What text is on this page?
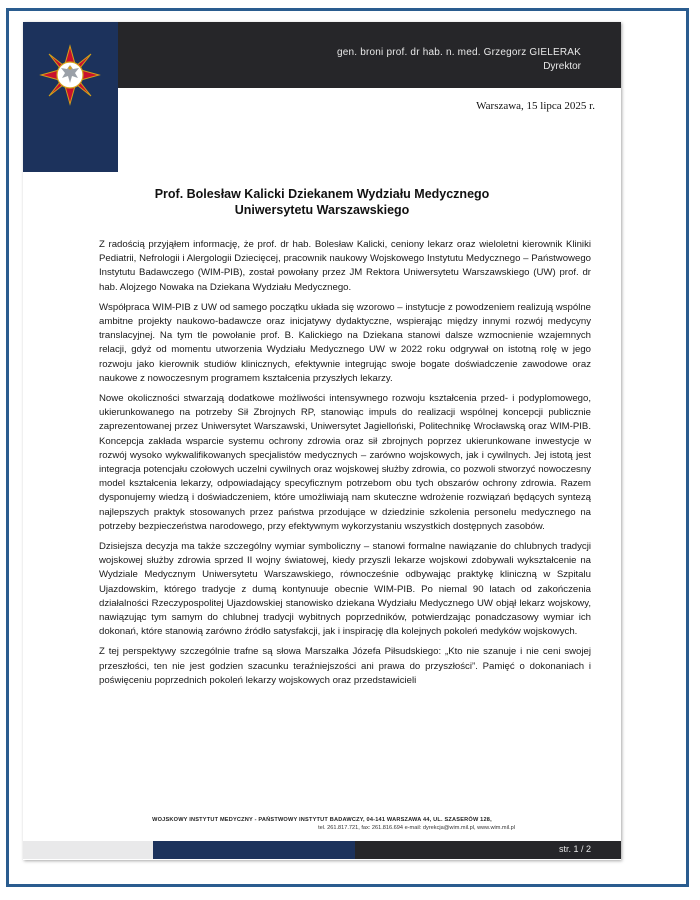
gen. broni prof. dr hab. n. med. Grzegorz GIELERAK
Dyrektor
Warszawa, 15 lipca 2025 r.
Prof. Bolesław Kalicki Dziekanem Wydziału Medycznego
Uniwersytetu Warszawskiego

Z radością przyjąłem informację, że prof. dr hab. Bolesław Kalicki, ceniony lekarz oraz wieloletni kierownik Kliniki Pediatrii, Nefrologii i Alergologii Dziecięcej, pracownik naukowy Wojskowego Instytutu Medycznego – Państwowego Instytutu Badawczego (WIM-PIB), został powołany przez JM Rektora Uniwersytetu Warszawskiego (UW) prof. dr hab. Alojzego Nowaka na Dziekana Wydziału Medycznego.

Współpraca WIM-PIB z UW od samego początku układa się wzorowo – instytucje z powodzeniem realizują wspólne ambitne projekty naukowo-badawcze oraz inicjatywy dydaktyczne, wspierając między innymi rozwój medycyny translacyjnej. Na tym tle powołanie prof. B. Kalickiego na Dziekana stanowi dalsze wzmocnienie wzajemnych relacji, gdyż od momentu utworzenia Wydziału Medycznego UW w 2022 roku odgrywał on istotną rolę w jego rozwoju jako kierownik studiów klinicznych, efektywnie integrując swoje bogate doświadczenie zawodowe oraz naukowe z nowoczesnym programem kształcenia przyszłych lekarzy.

Nowe okoliczności stwarzają dodatkowe możliwości intensywnego rozwoju kształcenia przed- i podyplomowego, ukierunkowanego na potrzeby Sił Zbrojnych RP, stanowiąc impuls do realizacji wspólnej koncepcji publicznie zaprezentowanej przez Uniwersytet Warszawski, Uniwersytet Jagielloński, Politechnikę Wrocławską oraz WIM-PIB. Koncepcja zakłada wsparcie systemu ochrony zdrowia oraz sił zbrojnych poprzez ukierunkowane inwestycje w rozwój wysoko wykwalifikowanych specjalistów medycznych – zarówno wojskowych, jak i cywilnych. Jej istotą jest integracja potencjału czołowych uczelni cywilnych oraz wojskowej służby zdrowia, co pozwoli stworzyć nowoczesny model kształcenia lekarzy, odpowiadający specyficznym potrzebom obu tych obszarów ochrony zdrowia. Razem dysponujemy wiedzą i doświadczeniem, które umożliwiają nam skuteczne wdrożenie rozwiązań będących syntezą najlepszych praktyk stosowanych przez państwa przodujące w dziedzinie szkolenia personelu medycznego na potrzeby bezpieczeństwa narodowego, przy efektywnym wykorzystaniu wszystkich dostępnych zasobów.

Dzisiejsza decyzja ma także szczególny wymiar symboliczny – stanowi formalne nawiązanie do chlubnych tradycji wojskowej służby zdrowia sprzed II wojny światowej, kiedy przyszli lekarze wojskowi zdobywali wykształcenie na Wydziale Medycznym Uniwersytetu Warszawskiego, równocześnie odbywając praktykę kliniczną w Szpitalu Ujazdowskim, którego tradycje z dumą kontynuuje obecnie WIM-PIB. Po niemal 90 latach od zakończenia działalności Rzeczypospolitej Ujazdowskiej stanowisko dziekana Wydziału Medycznego UW objął lekarz wojskowy, nawiązując tym samym do chlubnej tradycji wybitnych poprzedników, potwierdzając ponadczasowy wymiar ich dokonań, które stanowią zarówno źródło satysfakcji, jak i inspirację dla kolejnych pokoleń medyków wojskowych.

Z tej perspektywy szczególnie trafne są słowa Marszałka Józefa Piłsudskiego: „Kto nie szanuje i nie ceni swojej przeszłości, ten nie jest godzien szacunku teraźniejszości ani prawa do przyszłości”. Pamięć o dokonaniach i poświęceniu poprzednich pokoleń lekarzy wojskowych oraz przedstawicieli

WOJSKOWY INSTYTUT MEDYCZNY - PAŃSTWOWY INSTYTUT BADAWCZY, 04-141 WARSZAWA 44, UL. SZASERÓW 128,
tel. 261.817.721, fax: 261.816.694 e-mail: dyrekcja@wim.mil.pl, www.wim.mil.pl
str. 1 / 2
